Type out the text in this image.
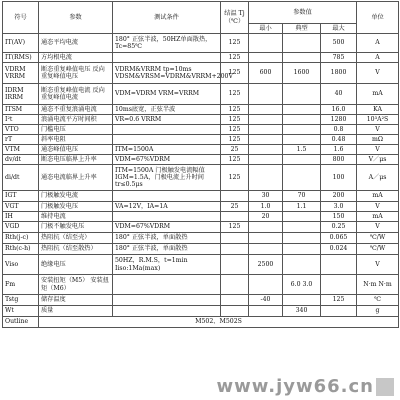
符号	参数	测试条件	结温 Tj（℃）	参数值			单位
				最小	典型	最大	
IT(AV)	通态平均电流	180° 正弦半波，50HZ单面散热，Tc=85℃	125			500	A
IT(RMS)	方均根电流		125			785	A
VDRM VRRM	断态重复峰值电压 反向重复峰值电压	VDRM&VRRM tp=10ms VDSM&VRSM=VDRM&VRRM+200V	125	600	1600	1800	V
IDRM IRRM	断态重复峰值电流 反向重复峰值电流	VDM=VDRM VRM=VRRM	125			40	mA
ITSM	通态不重复浪涌电流	10ms底宽，正弦半波	125			16.0	KA
I²t	浪涌电流平方时间积	VR=0.6 VRRM	125			1280	10³A²S
VTO	门槛电压		125			0.8	V
rT	斜率电阻		125			0.48	mΩ
VTM	通态峰值电压	ITM=1500A	25		1.5	1.6	V
dv/dt	断态电压临界上升率	VDM=67%VDRM	125			800	V／μs
di/dt	通态电流临界上升率	ITM=1500A 门极触发电流幅值IGM=1.5A，门极电流上升时间tr≤0.5μs	125			100	A／μs
IGT	门极触发电流			30	70	200	mA
VGT	门极触发电压	VA=12V，IA=1A	25	1.0	1.1	3.0	V
IH	维持电流			20		150	mA
VGD	门极不触发电压	VDM=67%VDRM	125			0.25	V
Rth(j-c)	热阻抗（结至壳）	180° 正弦半波，单面散热				0.065	℃/W
Rth(c-h)	热阻抗（结至散热）	180° 正弦半波，单面散热				0.024	℃/W
Viso	绝缘电压	50HZ，R.M.S，t=1min Iiso:1Ma(max)		2500			V
Fm	安装扭矩（M5） 安装扭矩（M6）				6.0 3.0		N·m N·m
Tstg	储存温度			-40		125	℃
Wt	质量				340		g
Outline	M502、M502S						
www.jyw66.cn
